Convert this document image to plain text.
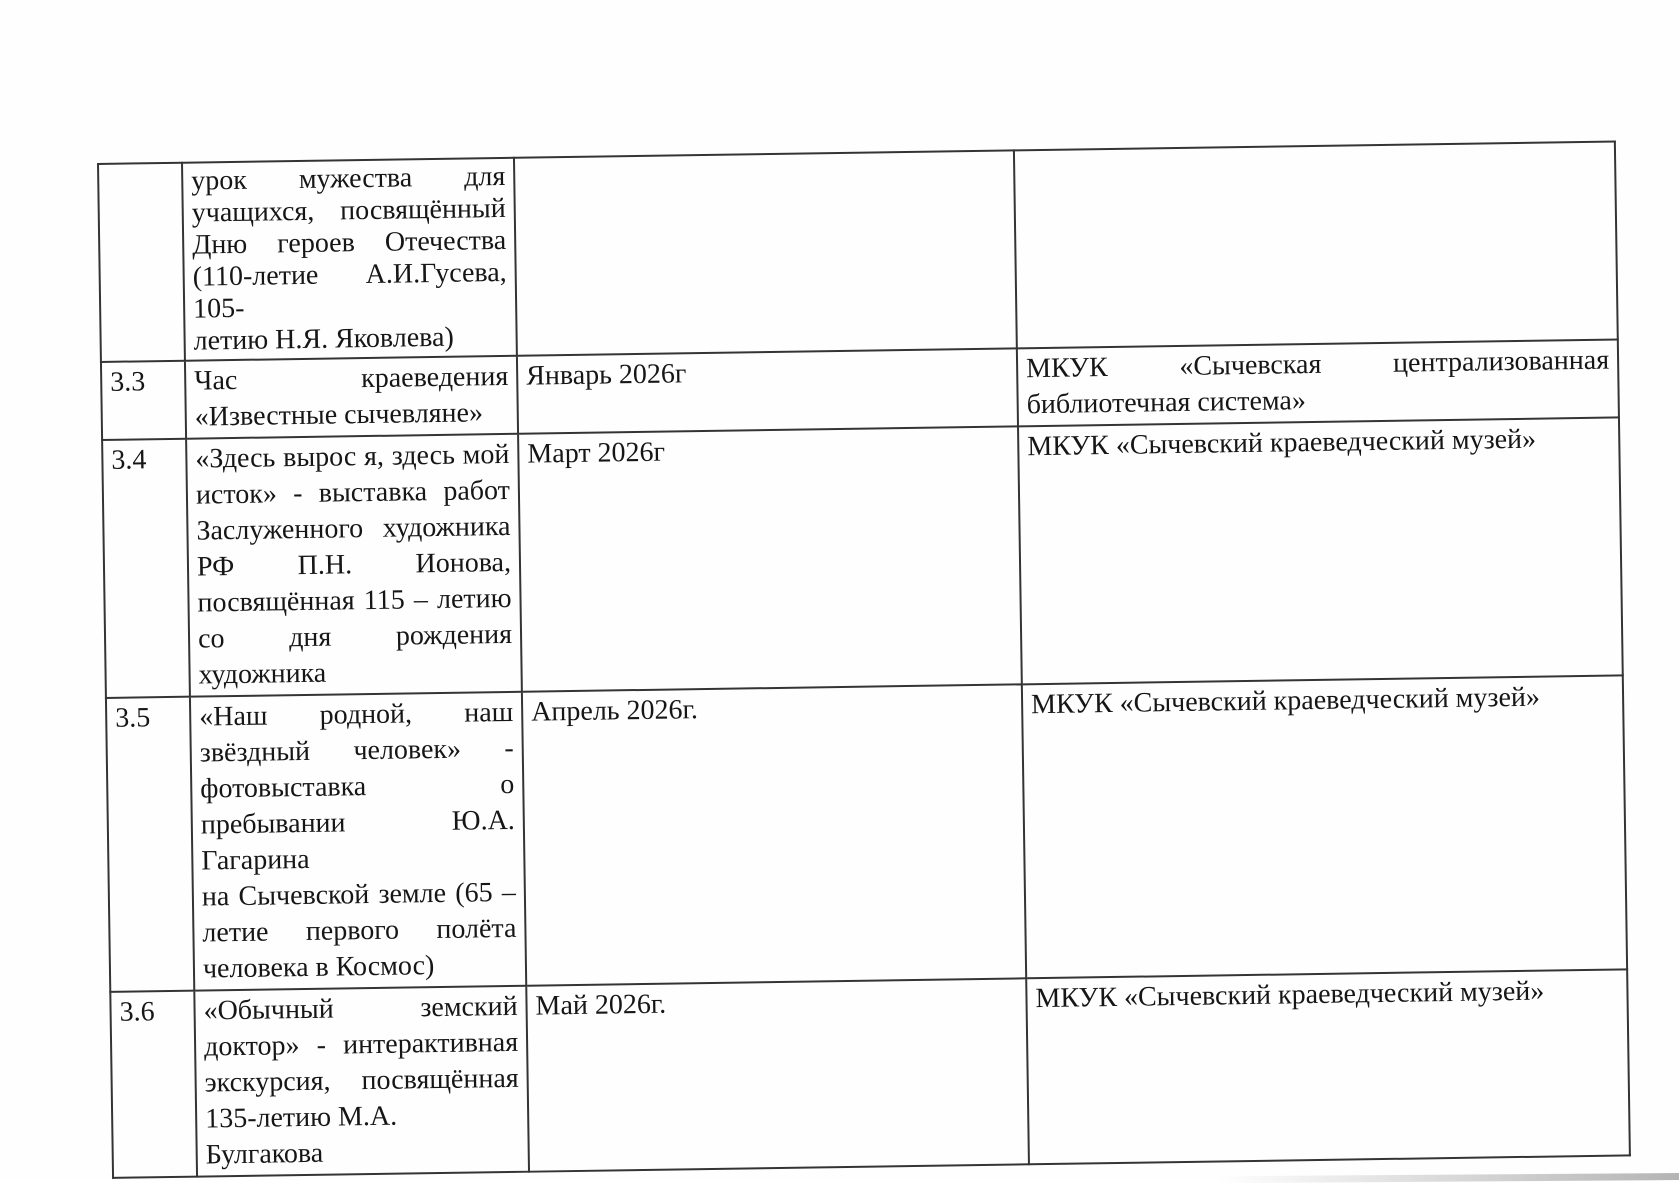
	урок мужества для
учащихся, посвящённый
Дню героев Отечества
(110-летие А.И.Гусева, 105-
летию Н.Я. Яковлева)		

3.3	Час краеведения
«Известные сычевляне»
	Январь 2026г	МКУК «Сычевская централизованная
библиотечная система»

3.4	«Здесь вырос я, здесь мой
исток» - выставка работ
Заслуженного художника
РФ П.Н. Ионова,
посвящённая 115 – летию
со дня рождения
художника
	Март 2026г	МКУК «Сычевский краеведческий музей»

3.5	«Наш родной, наш
звёздный человек» -
фотовыставка о
пребывании Ю.А. Гагарина
на Сычевской земле (65 –
летие первого полёта
человека в Космос)
	Апрель 2026г.	МКУК «Сычевский краеведческий музей»

3.6	«Обычный земский
доктор» - интерактивная
экскурсия, посвящённая
135-летию М.А. Булгакова	Май 2026г.	МКУК «Сычевский краеведческий музей»
